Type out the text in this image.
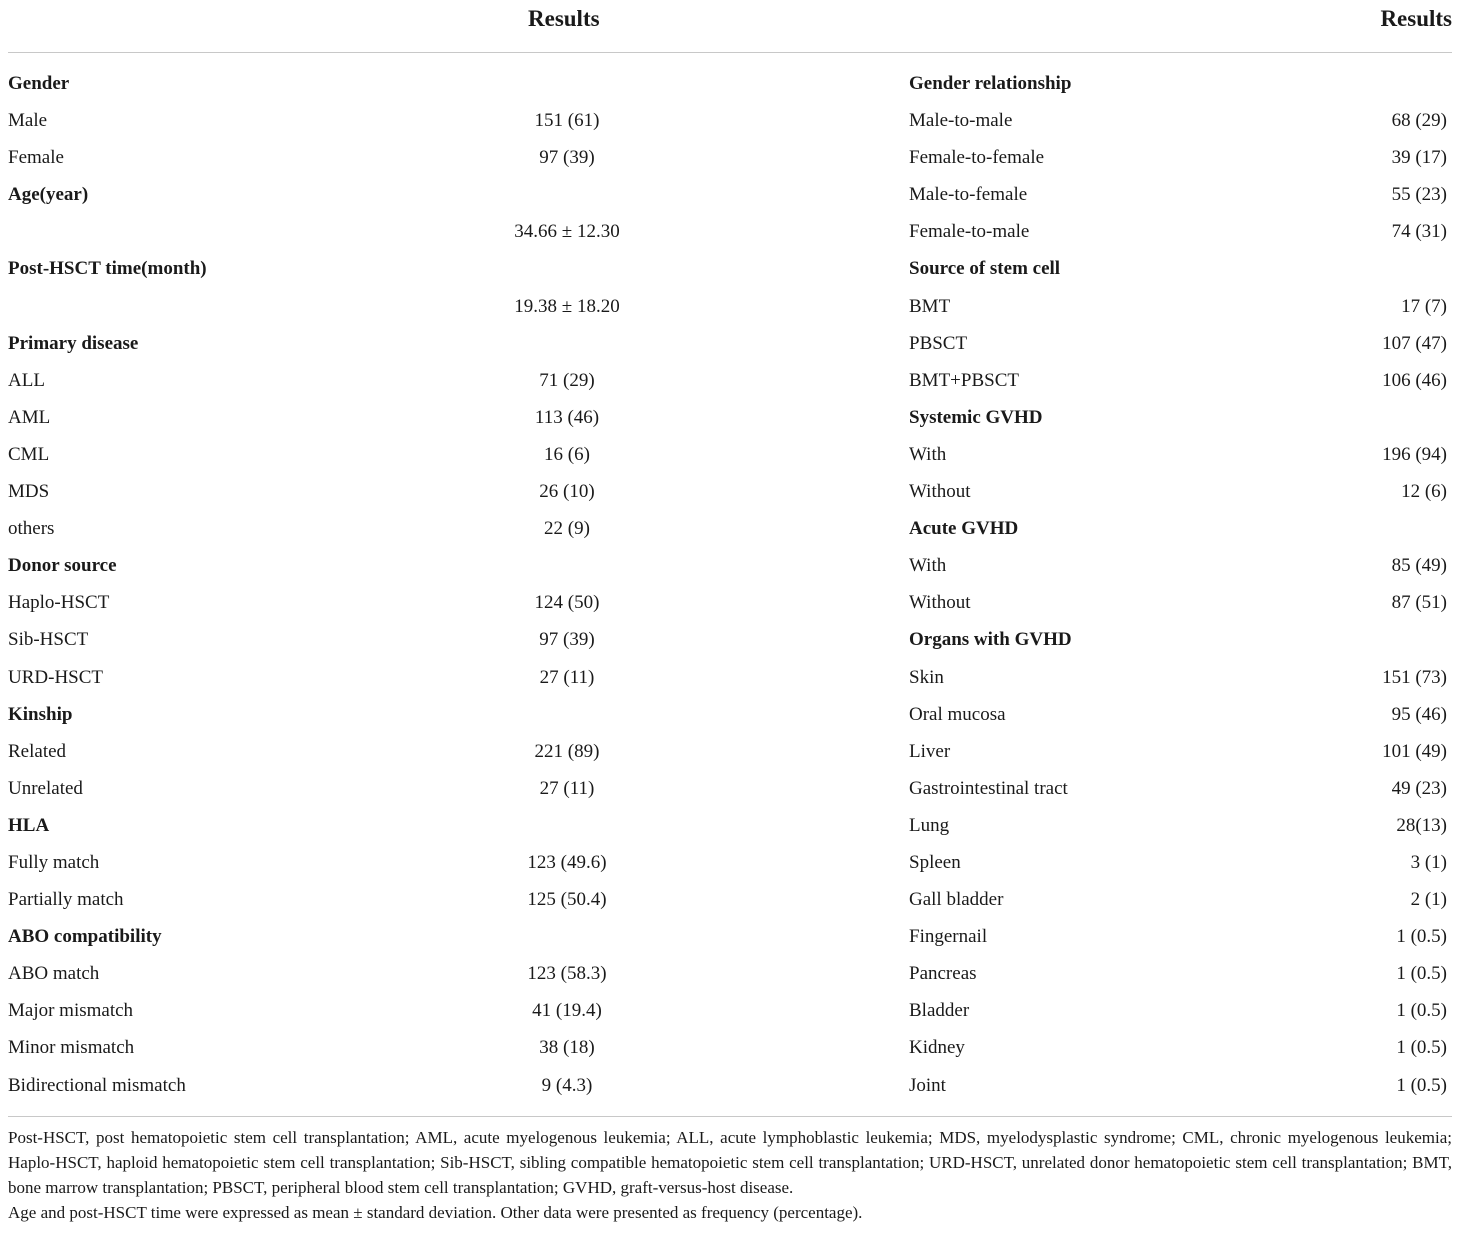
Results	Results
Gender
Male	151 (61)
Female	97 (39)
Age(year)
34.66 ± 12.30
Post-HSCT time(month)
19.38 ± 18.20
Primary disease
ALL	71 (29)
AML	113 (46)
CML	16 (6)
MDS	26 (10)
others	22 (9)
Donor source
Haplo-HSCT	124 (50)
Sib-HSCT	97 (39)
URD-HSCT	27 (11)
Kinship
Related	221 (89)
Unrelated	27 (11)
HLA
Fully match	123 (49.6)
Partially match	125 (50.4)
ABO compatibility
ABO match	123 (58.3)
Major mismatch	41 (19.4)
Minor mismatch	38 (18)
Bidirectional mismatch	9 (4.3)
Gender relationship
Male-to-male	68 (29)
Female-to-female	39 (17)
Male-to-female	55 (23)
Female-to-male	74 (31)
Source of stem cell
BMT	17 (7)
PBSCT	107 (47)
BMT+PBSCT	106 (46)
Systemic GVHD
With	196 (94)
Without	12 (6)
Acute GVHD
With	85 (49)
Without	87 (51)
Organs with GVHD
Skin	151 (73)
Oral mucosa	95 (46)
Liver	101 (49)
Gastrointestinal tract	49 (23)
Lung	28(13)
Spleen	3 (1)
Gall bladder	2 (1)
Fingernail	1 (0.5)
Pancreas	1 (0.5)
Bladder	1 (0.5)
Kidney	1 (0.5)
Joint	1 (0.5)

Post-HSCT, post hematopoietic stem cell transplantation; AML, acute myelogenous leukemia; ALL, acute lymphoblastic leukemia; MDS, myelodysplastic syndrome; CML, chronic myelogenous leukemia; Haplo-HSCT, haploid hematopoietic stem cell transplantation; Sib-HSCT, sibling compatible hematopoietic stem cell transplantation; URD-HSCT, unrelated donor hematopoietic stem cell transplantation; BMT, bone marrow transplantation; PBSCT, peripheral blood stem cell transplantation; GVHD, graft-versus-host disease.

Age and post-HSCT time were expressed as mean ± standard deviation. Other data were presented as frequency (percentage).
